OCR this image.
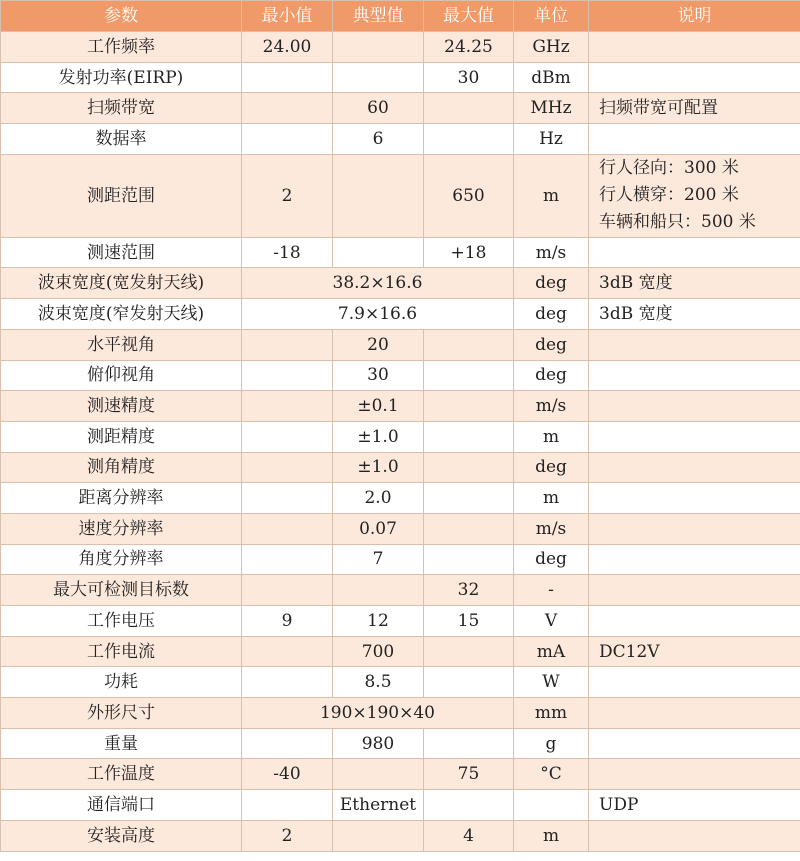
参数	最小值	典型值	最大值	单位	说明
工作频率	24.00		24.25	GHz	
发射功率(EIRP)			30	dBm	
扫频带宽		60		MHz	扫频带宽可配置
数据率		6		Hz	
测距范围	2		650	m	行人径向：300 米
行人横穿：200 米
车辆和船只：500 米

测速范围	-18		+18	m/s	
波束宽度(宽发射天线)	38.2×16.6			deg	3dB 宽度
波束宽度(窄发射天线)	7.9×16.6			deg	3dB 宽度
水平视角		20		deg	
俯仰视角		30		deg	
测速精度		±0.1		m/s	
测距精度		±1.0		m	
测角精度		±1.0		deg	
距离分辨率		2.0		m	
速度分辨率		0.07		m/s	
角度分辨率		7		deg	
最大可检测目标数			32	-	
工作电压	9	12	15	V	
工作电流		700		mA	DC12V
功耗		8.5		W	
外形尺寸	190×190×40			mm	
重量		980		g	
工作温度	-40		75	°C	
通信端口		Ethernet			UDP
安装高度	2		4	m	
